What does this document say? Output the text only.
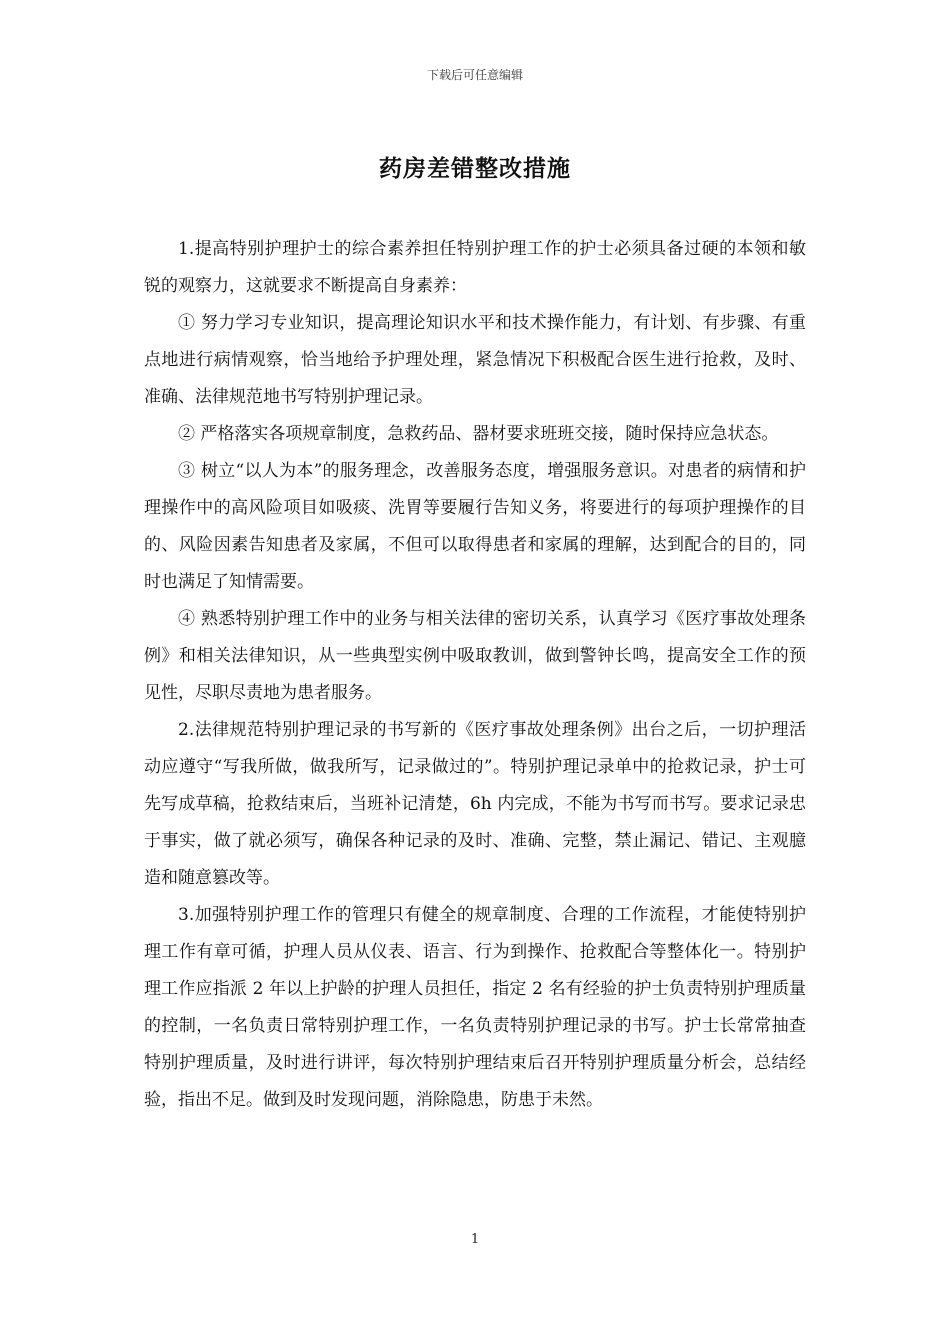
下载后可任意编辑
药房差错整改措施

1.提高特别护理护士的综合素养担任特别护理工作的护士必须具备过硬的本领和敏锐的观察力，这就要求不断提高自身素养：

① 努力学习专业知识，提高理论知识水平和技术操作能力，有计划、有步骤、有重点地进行病情观察，恰当地给予护理处理，紧急情况下积极配合医生进行抢救，及时、准确、法律规范地书写特别护理记录。

② 严格落实各项规章制度，急救药品、器材要求班班交接，随时保持应急状态。

③ 树立“以人为本”的服务理念，改善服务态度，增强服务意识。对患者的病情和护理操作中的高风险项目如吸痰、洗胃等要履行告知义务，将要进行的每项护理操作的目的、风险因素告知患者及家属，不但可以取得患者和家属的理解，达到配合的目的，同时也满足了知情需要。

④ 熟悉特别护理工作中的业务与相关法律的密切关系，认真学习《医疗事故处理条例》和相关法律知识，从一些典型实例中吸取教训，做到警钟长鸣，提高安全工作的预见性，尽职尽责地为患者服务。

2.法律规范特别护理记录的书写新的《医疗事故处理条例》出台之后，一切护理活动应遵守“写我所做，做我所写，记录做过的”。特别护理记录单中的抢救记录，护士可先写成草稿，抢救结束后，当班补记清楚，6h 内完成，不能为书写而书写。要求记录忠于事实，做了就必须写，确保各种记录的及时、准确、完整，禁止漏记、错记、主观臆造和随意篡改等。

3.加强特别护理工作的管理只有健全的规章制度、合理的工作流程，才能使特别护理工作有章可循，护理人员从仪表、语言、行为到操作、抢救配合等整体化一。特别护理工作应指派 2 年以上护龄的护理人员担任，指定 2 名有经验的护士负责特别护理质量的控制，一名负责日常特别护理工作，一名负责特别护理记录的书写。护士长常常抽查特别护理质量，及时进行讲评，每次特别护理结束后召开特别护理质量分析会，总结经验，指出不足。做到及时发现问题，消除隐患，防患于未然。

1
